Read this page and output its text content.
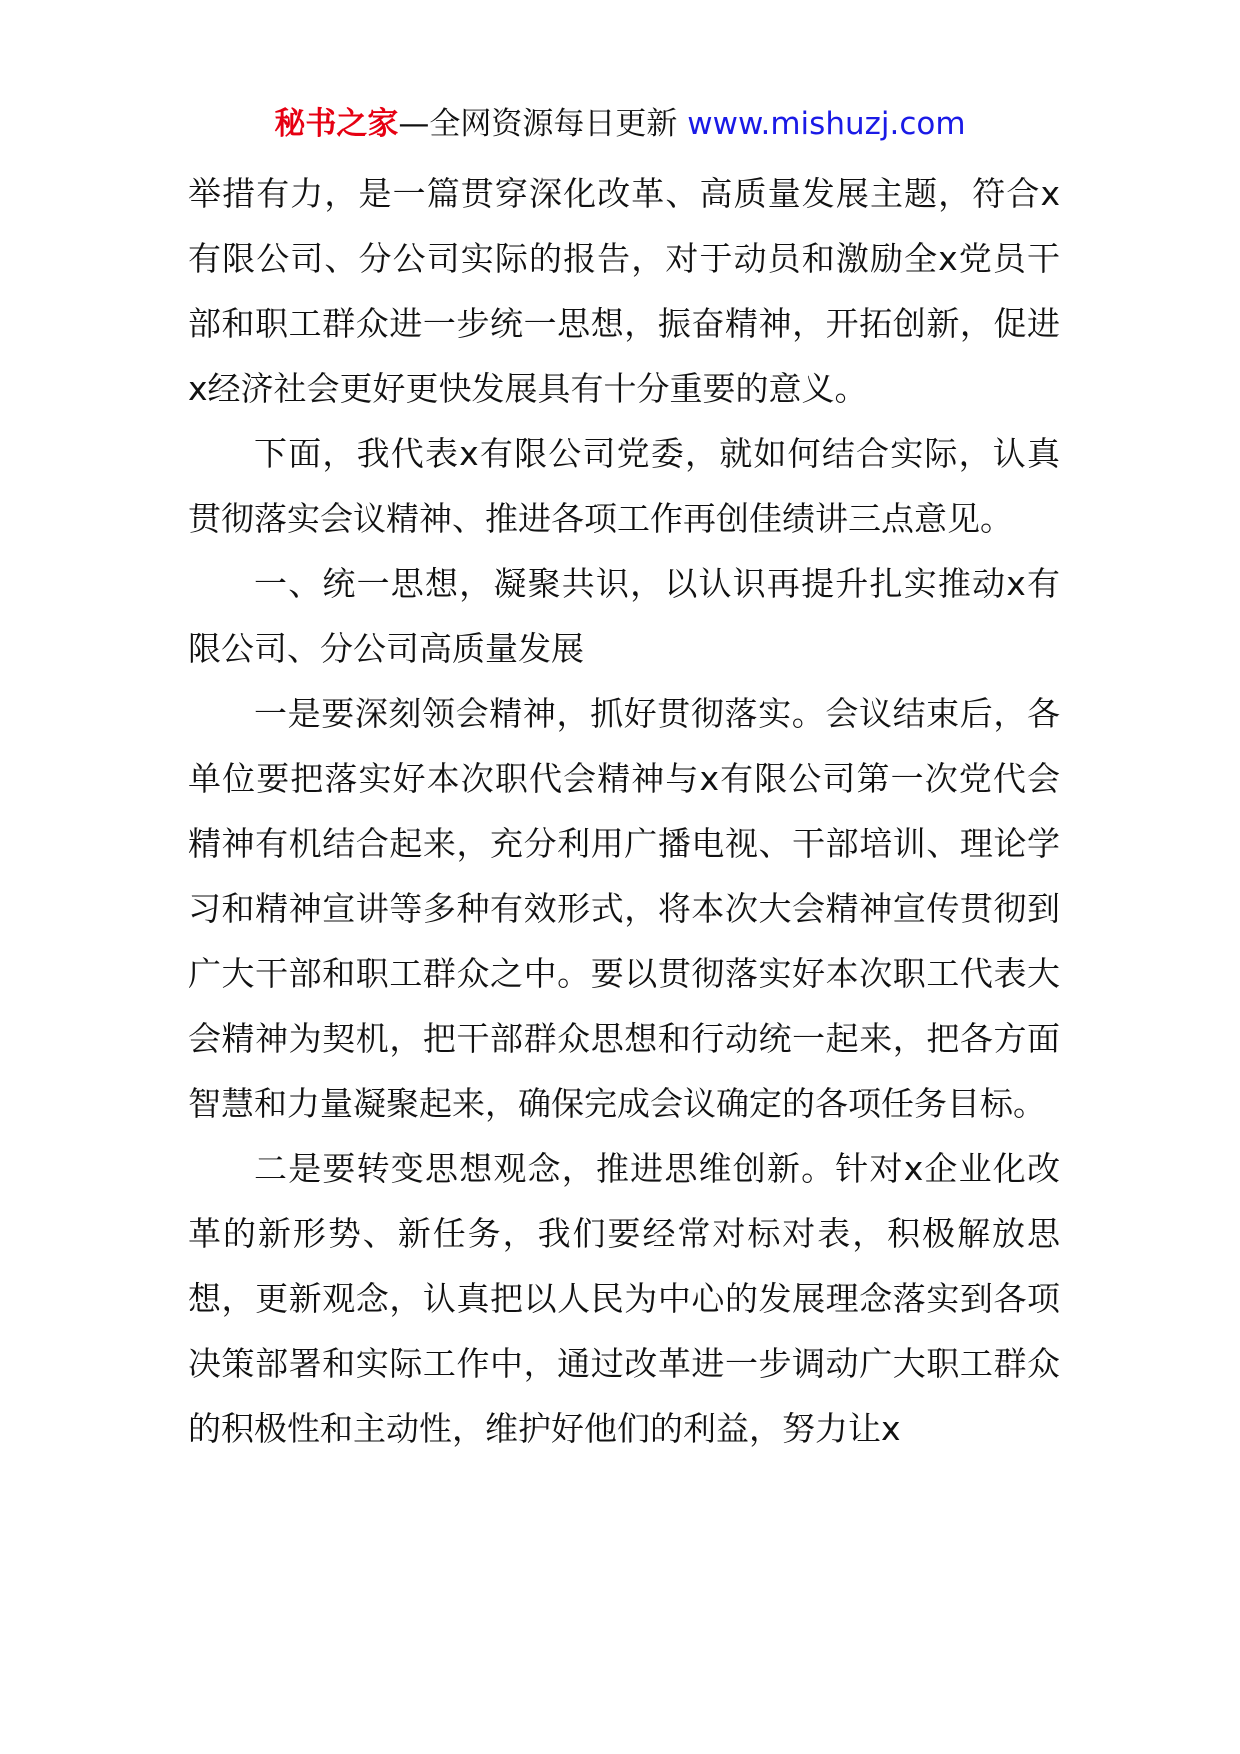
秘书之家—全网资源每日更新 www.mishuzj.com

举措有力，是一篇贯穿深化改革、高质量发展主题，符合x有限公司、分公司实际的报告，对于动员和激励全x党员干部和职工群众进一步统一思想，振奋精神，开拓创新，促进x经济社会更好更快发展具有十分重要的意义。

下面，我代表x有限公司党委，就如何结合实际，认真贯彻落实会议精神、推进各项工作再创佳绩讲三点意见。

一、统一思想，凝聚共识，以认识再提升扎实推动x有限公司、分公司高质量发展

一是要深刻领会精神，抓好贯彻落实。会议结束后，各单位要把落实好本次职代会精神与x有限公司第一次党代会精神有机结合起来，充分利用广播电视、干部培训、理论学习和精神宣讲等多种有效形式，将本次大会精神宣传贯彻到广大干部和职工群众之中。要以贯彻落实好本次职工代表大会精神为契机，把干部群众思想和行动统一起来，把各方面智慧和力量凝聚起来，确保完成会议确定的各项任务目标。

二是要转变思想观念，推进思维创新。针对x企业化改革的新形势、新任务，我们要经常对标对表，积极解放思想，更新观念，认真把以人民为中心的发展理念落实到各项决策部署和实际工作中，通过改革进一步调动广大职工群众的积极性和主动性，维护好他们的利益，努力让x
